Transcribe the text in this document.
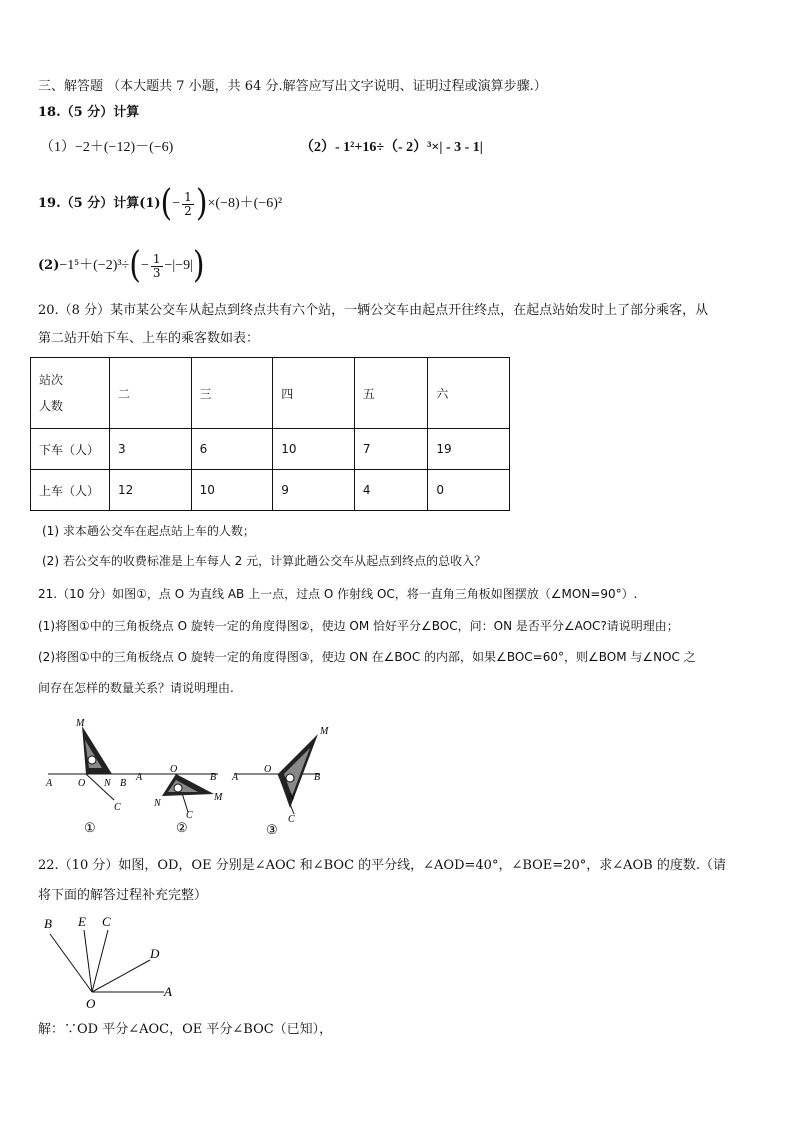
三、解答题 （本大题共 7 小题，共 64 分.解答应写出文字说明、证明过程或演算步骤.）
18.（5 分）计算
（1）−2＋(−12)－(−6)	（2）- 1²+16÷（- 2）³×| - 3 - 1|
19.（5 分）计算(1) ( − $\frac{1}{2}$ ) ×(−8)＋(−6)²
(2) −1⁵＋(−2)³÷ ( − $\frac{1}{3} -|-9|$ )
20.（8 分）某市某公交车从起点到终点共有六个站，一辆公交车由起点开往终点，在起点站始发时上了部分乘客，从
第二站开始下车、上车的乘客数如表：
站次
人数	二	三	四	五	六
下车（人）	3	6	10	7	19
上车（人）	12	10	9	4	0
(1) 求本趟公交车在起点站上车的人数；
(2) 若公交车的收费标准是上车每人 2 元，计算此趟公交车从起点到终点的总收入？
21.（10 分）如图①，点 O 为直线 AB 上一点，过点 O 作射线 OC，将一直角三角板如图摆放（∠MON=90°）.
(1)将图①中的三角板绕点 O 旋转一定的角度得图②，使边 OM 恰好平分∠BOC，问：ON 是否平分∠AOC?请说明理由；
(2)将图①中的三角板绕点 O 旋转一定的角度得图③，使边 ON 在∠BOC 的内部，如果∠BOC=60°，则∠BOM 与∠NOC 之
间存在怎样的数量关系？请说明理由.
M
A	O N B
C
①
A
O
B
N
M
C
②
A
O
B
M
N
C
③
22.（10 分）如图，OD，OE 分别是∠AOC 和∠BOC 的平分线，∠AOD=40°，∠BOE=20°，求∠AOB 的度数.（请
将下面的解答过程补充完整）
B E C
D
O
A
解：∵OD 平分∠AOC，OE 平分∠BOC（已知），
